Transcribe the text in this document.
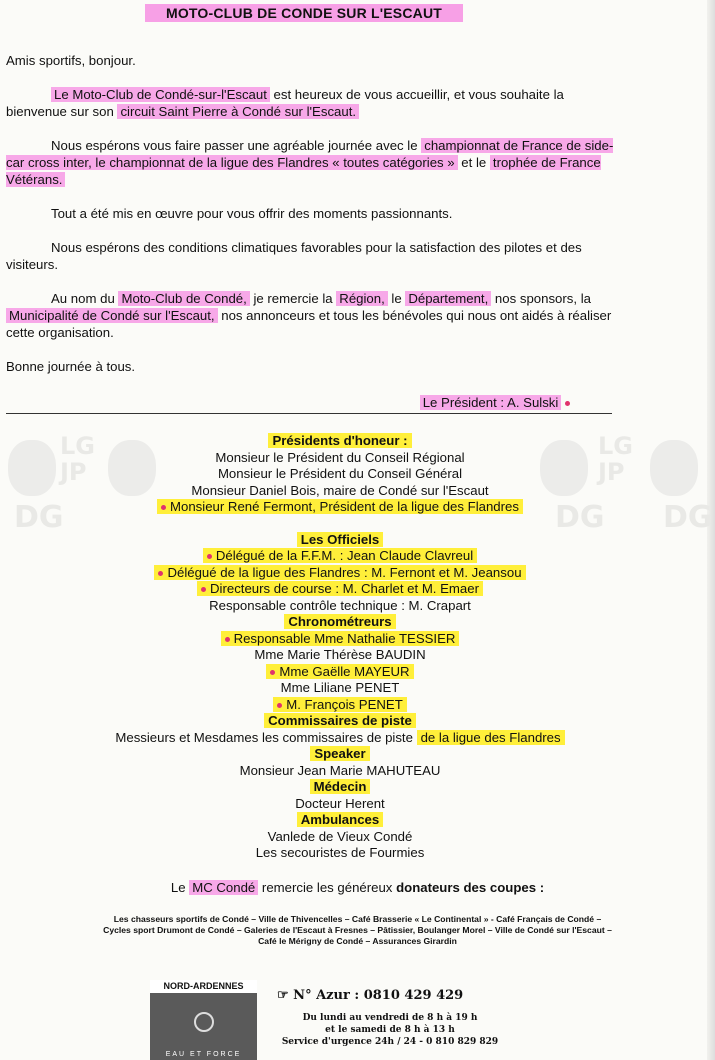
LG
JP
DG
LG
JP
DG DG
MOTO-CLUB DE CONDE SUR L'ESCAUT

Amis sportifs, bonjour.

Le Moto-Club de Condé-sur-l'Escaut est heureux de vous accueillir, et vous souhaite la bienvenue sur son circuit Saint Pierre à Condé sur l'Escaut.

Nous espérons vous faire passer une agréable journée avec le championnat de France de side-car cross inter, le championnat de la ligue des Flandres « toutes catégories » et le trophée de France Vétérans.

Tout a été mis en œuvre pour vous offrir des moments passionnants.

Nous espérons des conditions climatiques favorables pour la satisfaction des pilotes et des visiteurs.

Au nom du Moto-Club de Condé, je remercie la Région, le Département, nos sponsors, la Municipalité de Condé sur l'Escaut, nos annonceurs et tous les bénévoles qui nous ont aidés à réaliser cette organisation.

Bonne journée à tous.

Le Président : A. Sulski

Présidents d'honeur :
Monsieur le Président du Conseil Régional
Monsieur le Président du Conseil Général
Monsieur Daniel Bois, maire de Condé sur l'Escaut
Monsieur René Fermont, Président de la ligue des Flandres
Les Officiels
Délégué de la F.F.M. : Jean Claude Clavreul
Délégué de la ligue des Flandres : M. Fernont et M. Jeansou
Directeurs de course : M. Charlet et M. Emaer
Responsable contrôle technique : M. Crapart
Chronométreurs
Responsable Mme Nathalie TESSIER
Mme Marie Thérèse BAUDIN
Mme Gaëlle MAYEUR
Mme Liliane PENET
M. François PENET
Commissaires de piste
Messieurs et Mesdames les commissaires de piste de la ligue des Flandres
Speaker
Monsieur Jean Marie MAHUTEAU
Médecin
Docteur Herent
Ambulances
Vanlede de Vieux Condé
Les secouristes de Fourmies
Le MC Condé remercie les généreux donateurs des coupes :
Les chasseurs sportifs de Condé – Ville de Thivencelles – Café Brasserie « Le Continental » - Café Français de Condé –
Cycles sport Drumont de Condé – Galeries de l'Escaut à Fresnes – Pâtissier, Boulanger Morel – Ville de Condé sur l'Escaut –
Café le Mérigny de Condé – Assurances Girardin
NORD-ARDENNES
EAU ET FORCE
☞ N° Azur : 0810 429 429
Du lundi au vendredi de 8 h à 19 h
et le samedi de 8 h à 13 h
Service d'urgence 24h / 24 - 0 810 829 829
